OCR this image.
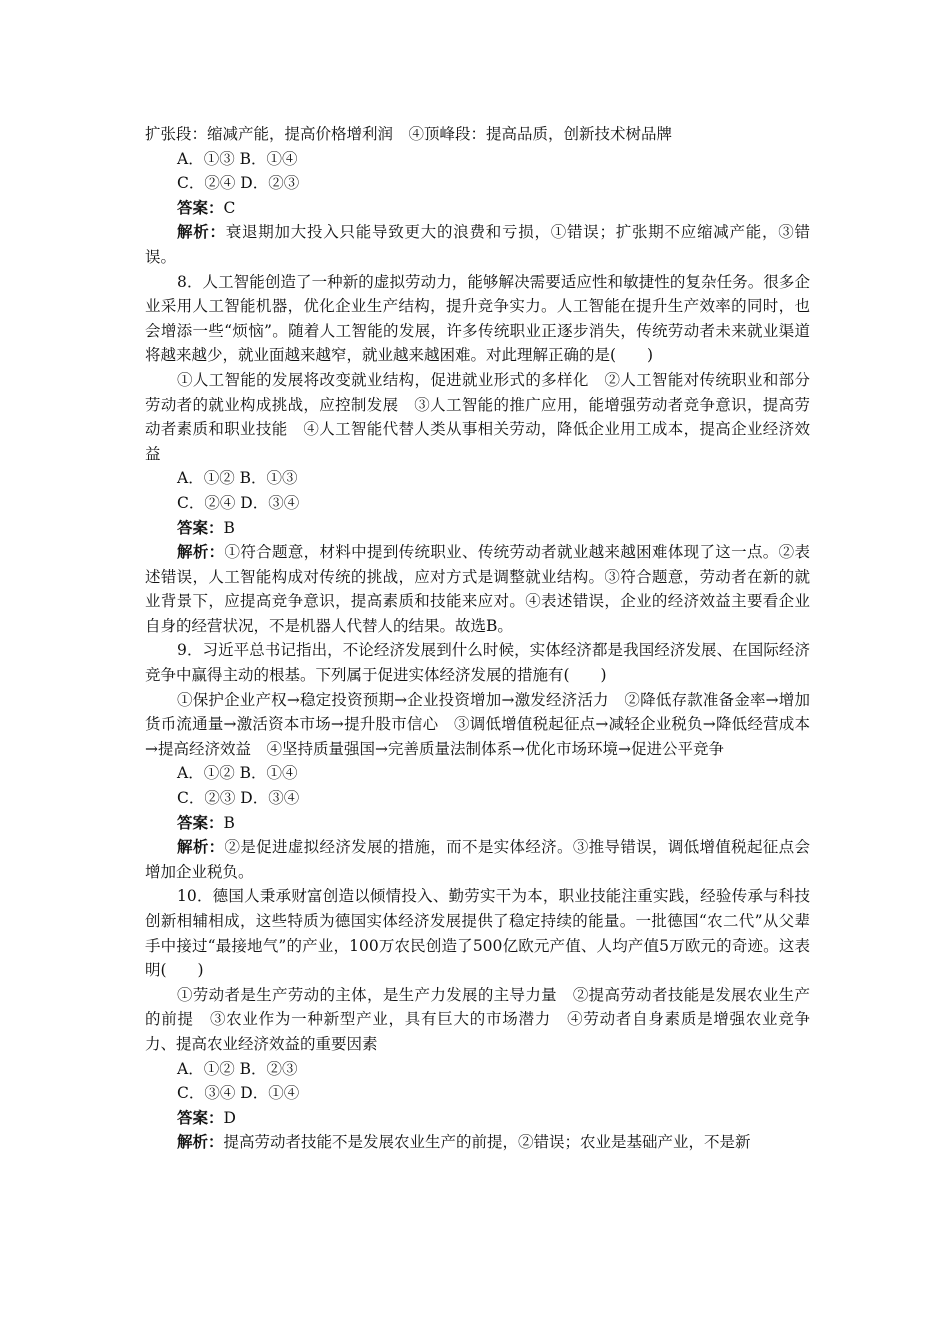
扩张段：缩减产能，提高价格增利润　④顶峰段：提高品质，创新技术树品牌

A．①③ B．①④

C．②④ D．②③

答案：C

解析：衰退期加大投入只能导致更大的浪费和亏损，①错误；扩张期不应缩减产能，③错误。

8．人工智能创造了一种新的虚拟劳动力，能够解决需要适应性和敏捷性的复杂任务。很多企业采用人工智能机器，优化企业生产结构，提升竞争实力。人工智能在提升生产效率的同时，也会增添一些“烦恼”。随着人工智能的发展，许多传统职业正逐步消失，传统劳动者未来就业渠道将越来越少，就业面越来越窄，就业越来越困难。对此理解正确的是(　　)

①人工智能的发展将改变就业结构，促进就业形式的多样化　②人工智能对传统职业和部分劳动者的就业构成挑战，应控制发展　③人工智能的推广应用，能增强劳动者竞争意识，提高劳动者素质和职业技能　④人工智能代替人类从事相关劳动，降低企业用工成本，提高企业经济效益

A．①② B．①③

C．②④ D．③④

答案：B

解析：①符合题意，材料中提到传统职业、传统劳动者就业越来越困难体现了这一点。②表述错误，人工智能构成对传统的挑战，应对方式是调整就业结构。③符合题意，劳动者在新的就业背景下，应提高竞争意识，提高素质和技能来应对。④表述错误，企业的经济效益主要看企业自身的经营状况，不是机器人代替人的结果。故选B。

9．习近平总书记指出，不论经济发展到什么时候，实体经济都是我国经济发展、在国际经济竞争中赢得主动的根基。下列属于促进实体经济发展的措施有(　　)

①保护企业产权→稳定投资预期→企业投资增加→激发经济活力　②降低存款准备金率→增加货币流通量→激活资本市场→提升股市信心　③调低增值税起征点→减轻企业税负→降低经营成本→提高经济效益　④坚持质量强国→完善质量法制体系→优化市场环境→促进公平竞争

A．①② B．①④

C．②③ D．③④

答案：B

解析：②是促进虚拟经济发展的措施，而不是实体经济。③推导错误，调低增值税起征点会增加企业税负。

10．德国人秉承财富创造以倾情投入、勤劳实干为本，职业技能注重实践，经验传承与科技创新相辅相成，这些特质为德国实体经济发展提供了稳定持续的能量。一批德国“农二代”从父辈手中接过“最接地气”的产业，100万农民创造了500亿欧元产值、人均产值5万欧元的奇迹。这表明(　　)

①劳动者是生产劳动的主体，是生产力发展的主导力量　②提高劳动者技能是发展农业生产的前提　③农业作为一种新型产业，具有巨大的市场潜力　④劳动者自身素质是增强农业竞争力、提高农业经济效益的重要因素

A．①② B．②③

C．③④ D．①④

答案：D

解析：提高劳动者技能不是发展农业生产的前提，②错误；农业是基础产业，不是新
